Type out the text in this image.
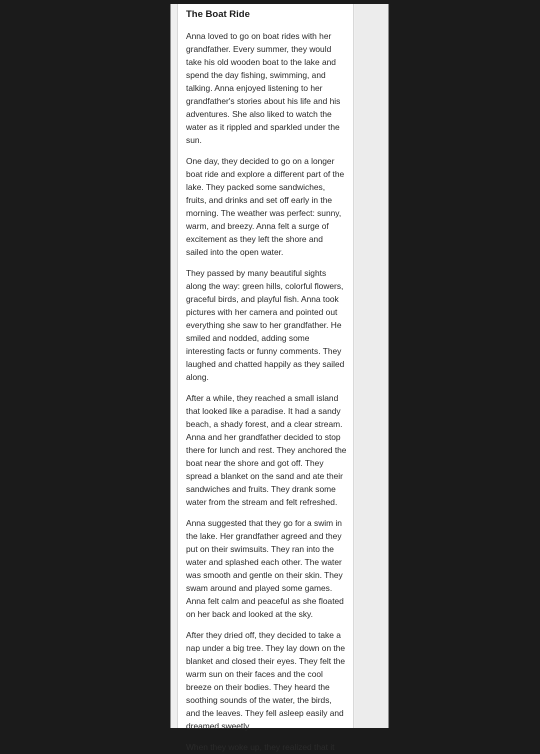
The Boat Ride

Anna loved to go on boat rides with her grandfather. Every summer, they would take his old wooden boat to the lake and spend the day fishing, swimming, and talking. Anna enjoyed listening to her grandfather's stories about his life and his adventures. She also liked to watch the water as it rippled and sparkled under the sun.

One day, they decided to go on a longer boat ride and explore a different part of the lake. They packed some sandwiches, fruits, and drinks and set off early in the morning. The weather was perfect: sunny, warm, and breezy. Anna felt a surge of excitement as they left the shore and sailed into the open water.

They passed by many beautiful sights along the way: green hills, colorful flowers, graceful birds, and playful fish. Anna took pictures with her camera and pointed out everything she saw to her grandfather. He smiled and nodded, adding some interesting facts or funny comments. They laughed and chatted happily as they sailed along.

After a while, they reached a small island that looked like a paradise. It had a sandy beach, a shady forest, and a clear stream. Anna and her grandfather decided to stop there for lunch and rest. They anchored the boat near the shore and got off. They spread a blanket on the sand and ate their sandwiches and fruits. They drank some water from the stream and felt refreshed.

Anna suggested that they go for a swim in the lake. Her grandfather agreed and they put on their swimsuits. They ran into the water and splashed each other. The water was smooth and gentle on their skin. They swam around and played some games. Anna felt calm and peaceful as she floated on her back and looked at the sky.

After they dried off, they decided to take a nap under a big tree. They lay down on the blanket and closed their eyes. They felt the warm sun on their faces and the cool breeze on their bodies. They heard the soothing sounds of the water, the birds, and the leaves. They fell asleep easily and dreamed sweetly.

When they woke up, they realized that it
